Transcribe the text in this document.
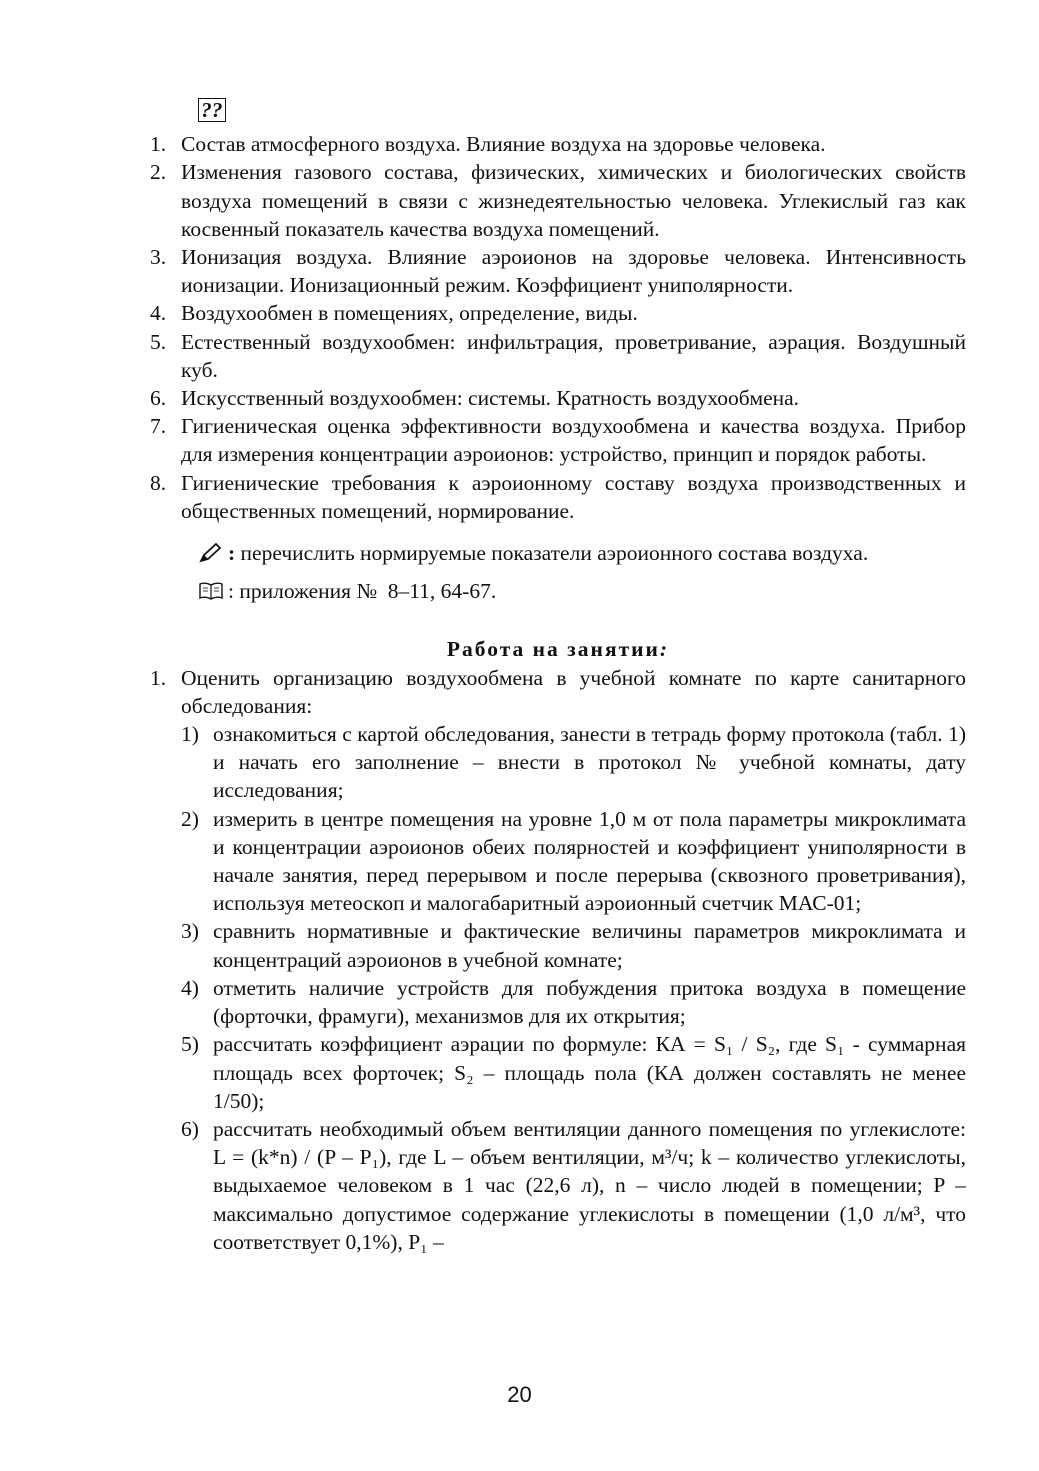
??
1. Состав атмосферного воздуха. Влияние воздуха на здоровье человека.
2. Изменения газового состава, физических, химических и биологических свойств воздуха помещений в связи с жизнедеятельностью человека. Углекислый газ как косвенный показатель качества воздуха помещений.
3. Ионизация воздуха. Влияние аэроионов на здоровье человека. Интенсивность ионизации. Ионизационный режим. Коэффициент униполярности.
4. Воздухообмен в помещениях, определение, виды.
5. Естественный воздухообмен: инфильтрация, проветривание, аэрация. Воздушный куб.
6. Искусственный воздухообмен: системы. Кратность воздухообмена.
7. Гигиеническая оценка эффективности воздухообмена и качества воздуха. Прибор для измерения концентрации аэроионов: устройство, принцип и порядок работы.
8. Гигиенические требования к аэроионному составу воздуха производственных и общественных помещений, нормирование.
: перечислить нормируемые показатели аэроионного состава воздуха.
: приложения №  8–11, 64-67.
Работа на занятии:
1. Оценить организацию воздухообмена в учебной комнате по карте санитарного обследования:
1) ознакомиться с картой обследования, занести в тетрадь форму протокола (табл. 1) и начать его заполнение – внести в протокол № учебной комнаты, дату исследования;
2) измерить в центре помещения на уровне 1,0 м от пола параметры микроклимата и концентрации аэроионов обеих полярностей и коэффициент униполярности в начале занятия, перед перерывом и после перерыва (сквозного проветривания), используя метеоскоп и малогабаритный аэроионный счетчик МАС-01;
3) сравнить нормативные и фактические величины параметров микроклимата и концентраций аэроионов в учебной комнате;
4) отметить наличие устройств для побуждения притока воздуха в помещение (форточки, фрамуги), механизмов для их открытия;
5) рассчитать коэффициент аэрации по формуле: КА = S₁ / S₂, где S₁ - суммарная площадь всех форточек; S₂ – площадь пола (КА должен составлять не менее 1/50);
6) рассчитать необходимый объем вентиляции данного помещения по углекислоте: L = (k*n) / (P – P₁), где L – объем вентиляции, м³/ч; k – количество углекислоты, выдыхаемое человеком в 1 час (22,6 л), n – число людей в помещении; P – максимально допустимое содержание углекислоты в помещении (1,0 л/м³, что соответствует 0,1%), P₁ –
20
